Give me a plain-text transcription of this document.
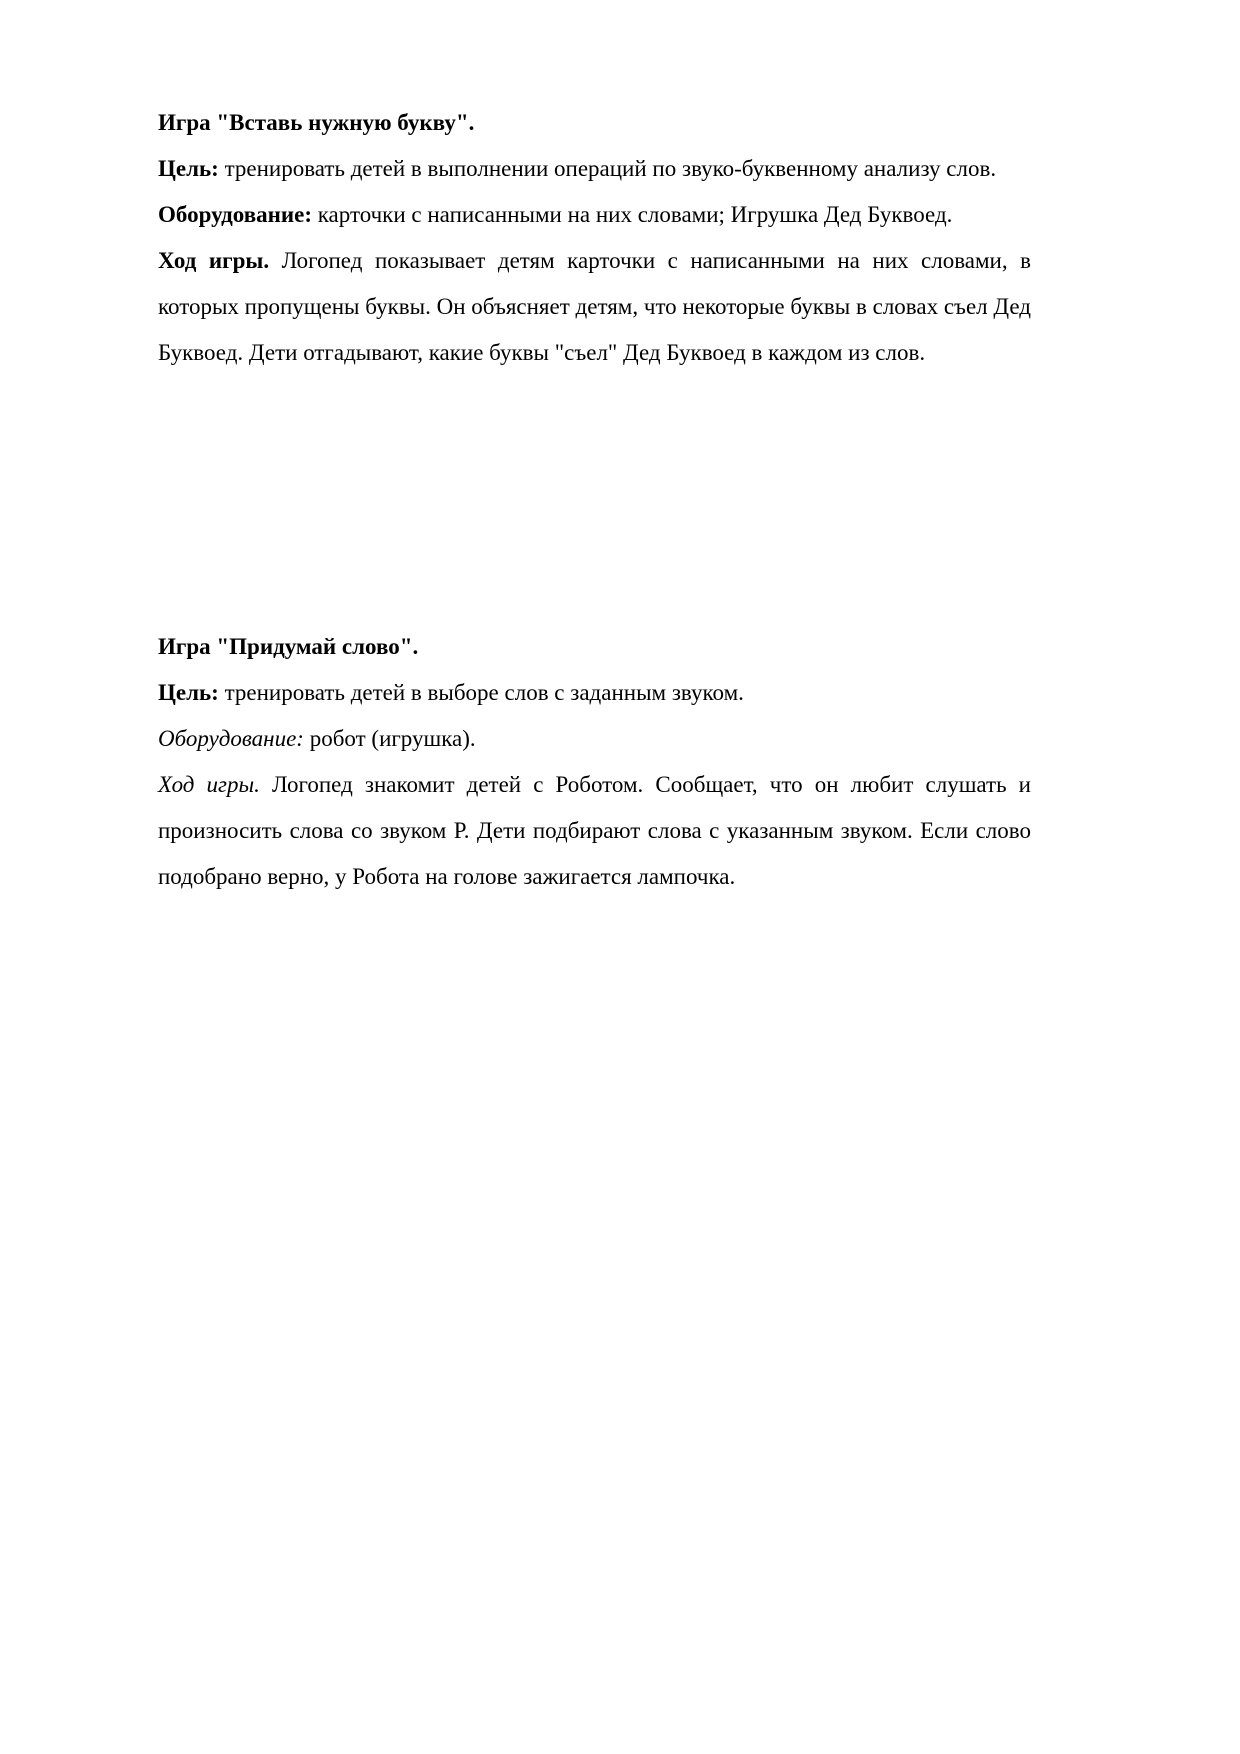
Игра "Вставь нужную букву".

Цель: тренировать детей в выполнении операций по звуко-буквенному анализу слов.

Оборудование: карточки с написанными на них словами; Игрушка Дед Буквоед.

Ход игры. Логопед показывает детям карточки с написанными на них словами, в которых пропущены буквы. Он объясняет детям, что некоторые буквы в словах съел Дед Буквоед. Дети отгадывают, какие буквы "съел" Дед Буквоед в каждом из слов.

Игра "Придумай слово".

Цель: тренировать детей в выборе слов с заданным звуком.

Оборудование: робот (игрушка).

Ход игры. Логопед знакомит детей с Роботом. Сообщает, что он любит слушать и произносить слова со звуком Р. Дети подбирают слова с указанным звуком. Если слово подобрано верно, у Робота на голове зажигается лампочка.
